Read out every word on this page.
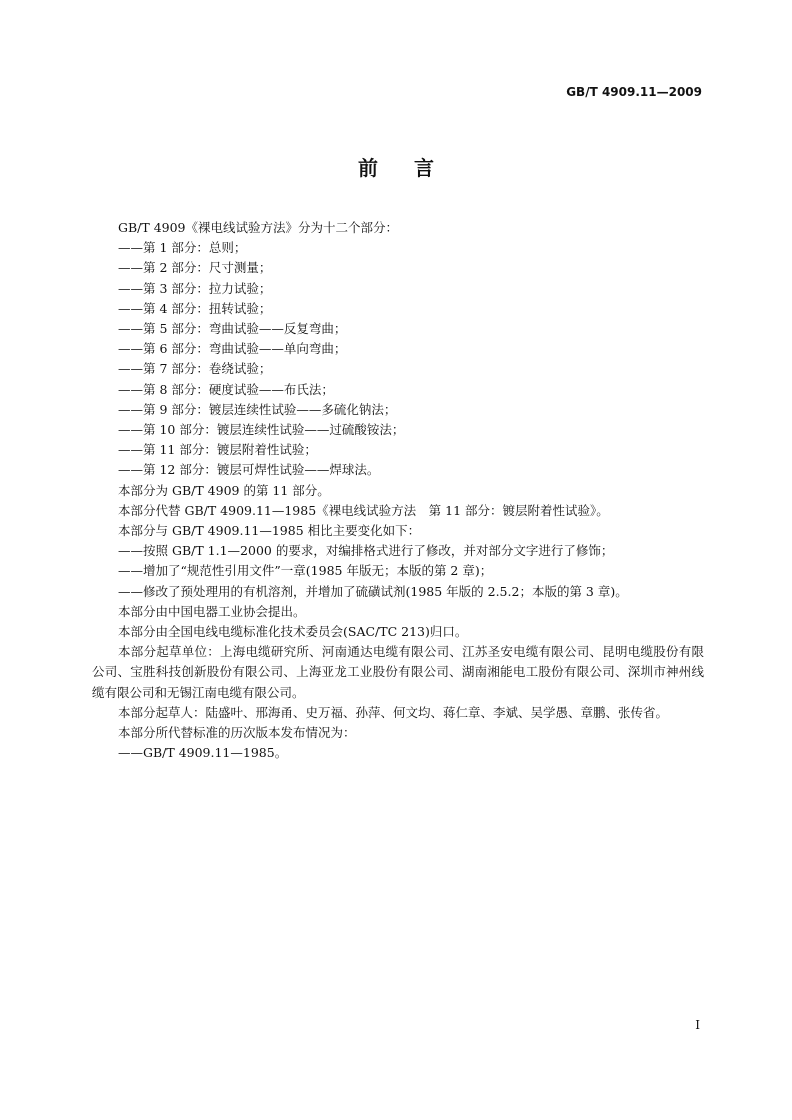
GB/T 4909.11—2009
前言
GB/T 4909《裸电线试验方法》分为十二个部分：
——第 1 部分：总则；
——第 2 部分：尺寸测量；
——第 3 部分：拉力试验；
——第 4 部分：扭转试验；
——第 5 部分：弯曲试验——反复弯曲；
——第 6 部分：弯曲试验——单向弯曲；
——第 7 部分：卷绕试验；
——第 8 部分：硬度试验——布氏法；
——第 9 部分：镀层连续性试验——多硫化钠法；
——第 10 部分：镀层连续性试验——过硫酸铵法；
——第 11 部分：镀层附着性试验；
——第 12 部分：镀层可焊性试验——焊球法。
本部分为 GB/T 4909 的第 11 部分。
本部分代替 GB/T 4909.11—1985《裸电线试验方法　第 11 部分：镀层附着性试验》。
本部分与 GB/T 4909.11—1985 相比主要变化如下：
——按照 GB/T 1.1—2000 的要求，对编排格式进行了修改，并对部分文字进行了修饰；
——增加了“规范性引用文件”一章(1985 年版无；本版的第 2 章)；
——修改了预处理用的有机溶剂，并增加了硫磺试剂(1985 年版的 2.5.2；本版的第 3 章)。
本部分由中国电器工业协会提出。
本部分由全国电线电缆标准化技术委员会(SAC/TC 213)归口。
本部分起草单位：上海电缆研究所、河南通达电缆有限公司、江苏圣安电缆有限公司、昆明电缆股份有限公司、宝胜科技创新股份有限公司、上海亚龙工业股份有限公司、湖南湘能电工股份有限公司、深圳市神州线缆有限公司和无锡江南电缆有限公司。
本部分起草人：陆盛叶、邢海甬、史万福、孙萍、何文均、蒋仁章、李斌、吴学愚、章鹏、张传省。
本部分所代替标准的历次版本发布情况为：
——GB/T 4909.11—1985。
I
